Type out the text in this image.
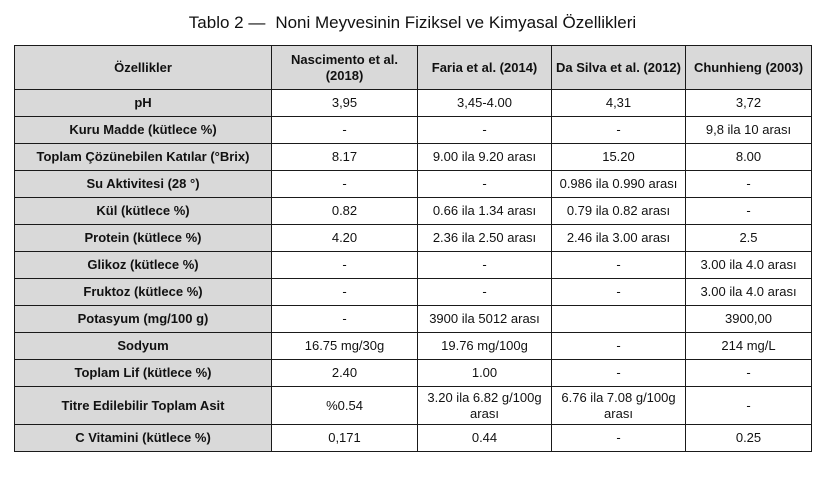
Tablo 2 — Noni Meyvesinin Fiziksel ve Kimyasal Özellikleri
Özellikler	Nascimento et al. (2018)	Faria et al. (2014)	Da Silva et al. (2012)	Chunhieng (2003)
pH	3,95	3,45-4.00	4,31	3,72
Kuru Madde (kütlece %)	-	-	-	9,8 ila 10 arası
Toplam Çözünebilen Katılar (°Brix)	8.17	9.00 ila 9.20 arası	15.20	8.00
Su Aktivitesi (28 °)	-	-	0.986 ila 0.990 arası	-
Kül (kütlece %)	0.82	0.66 ila 1.34 arası	0.79 ila 0.82 arası	-
Protein (kütlece %)	4.20	2.36 ila 2.50 arası	2.46 ila 3.00 arası	2.5
Glikoz (kütlece %)	-	-	-	3.00 ila 4.0 arası
Fruktoz (kütlece %)	-	-	-	3.00 ila 4.0 arası
Potasyum (mg/100 g)	-	3900 ila 5012 arası		3900,00
Sodyum	16.75 mg/30g	19.76 mg/100g	-	214 mg/L
Toplam Lif (kütlece %)	2.40	1.00	-	-
Titre Edilebilir Toplam Asit	%0.54	3.20 ila 6.82 g/100g arası	6.76 ila 7.08 g/100g arası	-
C Vitamini (kütlece %)	0,171	0.44	-	0.25
